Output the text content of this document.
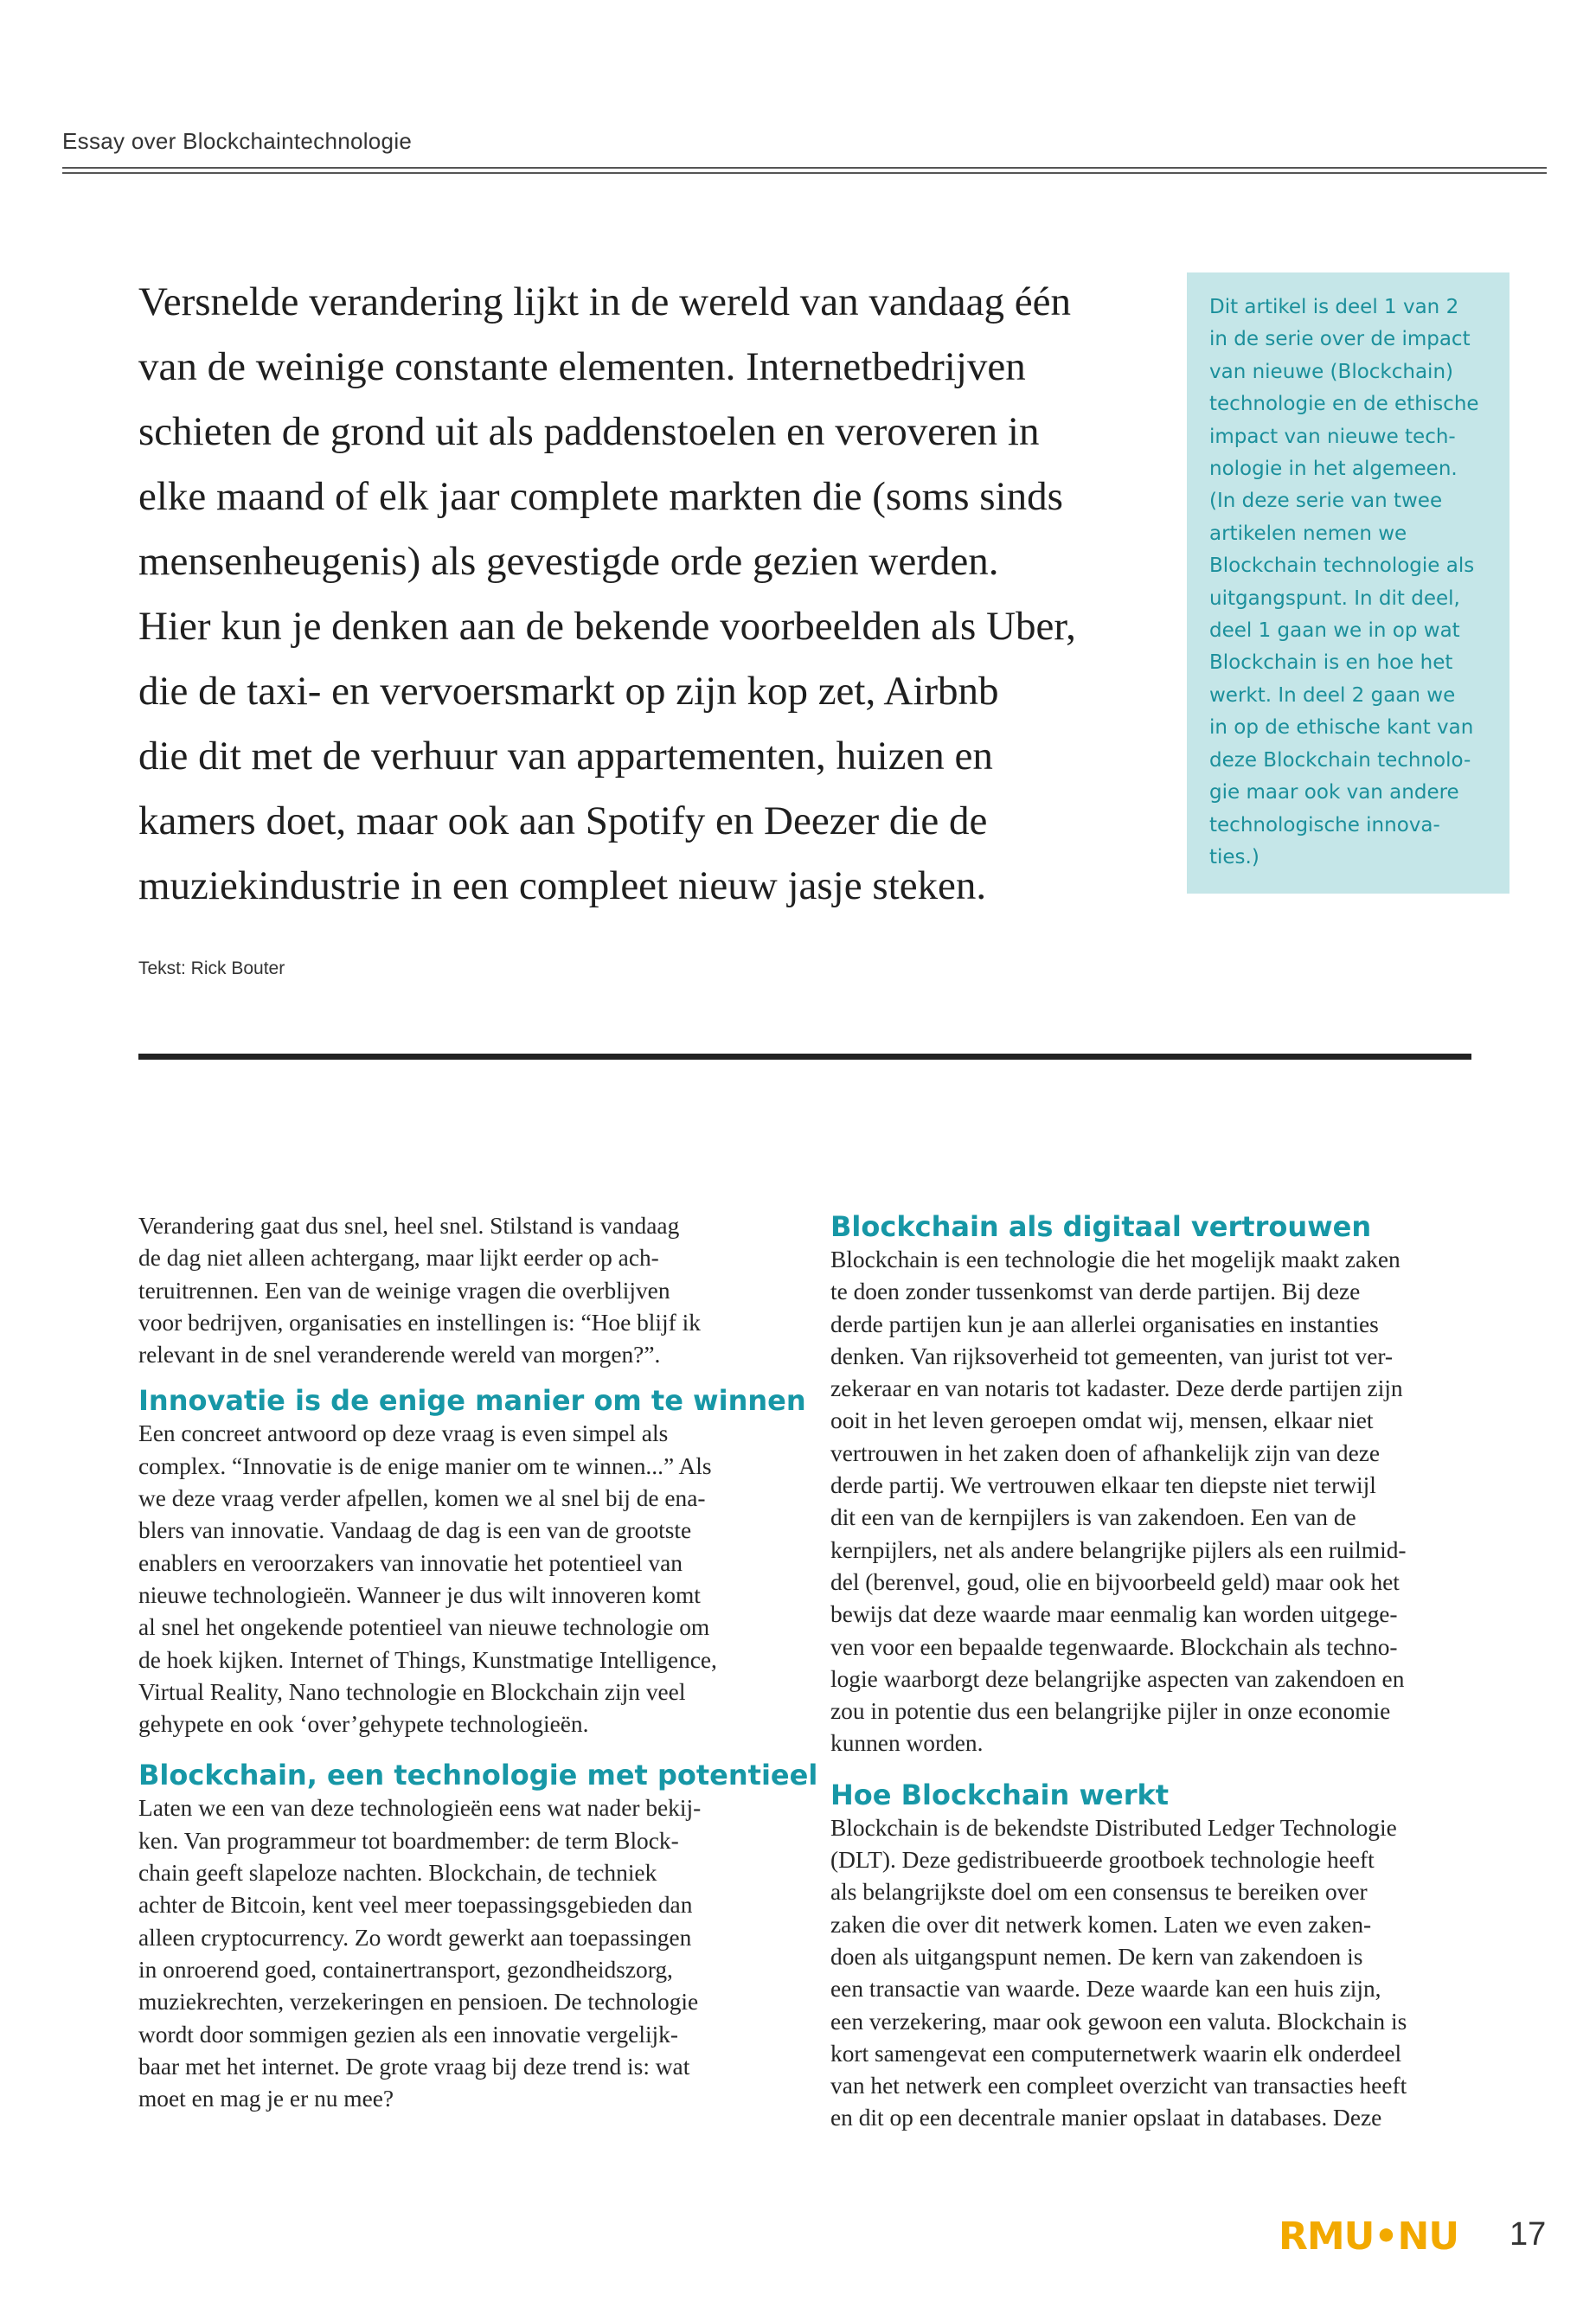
Essay over Blockchaintechnologie
Versnelde verandering lijkt in de wereld van vandaag één
van de weinige constante elementen. Internetbedrijven
schieten de grond uit als paddenstoelen en veroveren in
elke maand of elk jaar complete markten die (soms sinds
mensenheugenis) als gevestigde orde gezien werden.
Hier kun je denken aan de bekende voorbeelden als Uber,
die de taxi- en vervoersmarkt op zijn kop zet, Airbnb
die dit met de verhuur van appartementen, huizen en
kamers doet, maar ook aan Spotify en Deezer die de
muziekindustrie in een compleet nieuw jasje steken.
Dit artikel is deel 1 van 2
in de serie over de impact
van nieuwe (Blockchain)
technologie en de ethische
impact van nieuwe tech-
nologie in het algemeen.
(In deze serie van twee
artikelen nemen we
Blockchain technologie als
uitgangspunt. In dit deel,
deel 1 gaan we in op wat
Blockchain is en hoe het
werkt. In deel 2 gaan we
in op de ethische kant van
deze Blockchain technolo-
gie maar ook van andere
technologische innova-
ties.)
Tekst: Rick Bouter
Verandering gaat dus snel, heel snel. Stilstand is vandaag
de dag niet alleen achtergang, maar lijkt eerder op ach-
teruitrennen. Een van de weinige vragen die overblijven
voor bedrijven, organisaties en instellingen is: “Hoe blijf ik
relevant in de snel veranderende wereld van morgen?”.
Innovatie is de enige manier om te winnen
Een concreet antwoord op deze vraag is even simpel als
complex. “Innovatie is de enige manier om te winnen...” Als
we deze vraag verder afpellen, komen we al snel bij de ena-
blers van innovatie. Vandaag de dag is een van de grootste
enablers en veroorzakers van innovatie het potentieel van
nieuwe technologieën. Wanneer je dus wilt innoveren komt
al snel het ongekende potentieel van nieuwe technologie om
de hoek kijken. Internet of Things, Kunstmatige Intelligence,
Virtual Reality, Nano technologie en Blockchain zijn veel
gehypete en ook ‘over’gehypete technologieën.
Blockchain, een technologie met potentieel
Laten we een van deze technologieën eens wat nader bekij-
ken. Van programmeur tot boardmember: de term Block-
chain geeft slapeloze nachten. Blockchain, de techniek
achter de Bitcoin, kent veel meer toepassingsgebieden dan
alleen cryptocurrency. Zo wordt gewerkt aan toepassingen
in onroerend goed, containertransport, gezondheidszorg,
muziekrechten, verzekeringen en pensioen. De technologie
wordt door sommigen gezien als een innovatie vergelijk-
baar met het internet. De grote vraag bij deze trend is: wat
moet en mag je er nu mee?
Blockchain als digitaal vertrouwen
Blockchain is een technologie die het mogelijk maakt zaken
te doen zonder tussenkomst van derde partijen. Bij deze
derde partijen kun je aan allerlei organisaties en instanties
denken. Van rijksoverheid tot gemeenten, van jurist tot ver-
zekeraar en van notaris tot kadaster. Deze derde partijen zijn
ooit in het leven geroepen omdat wij, mensen, elkaar niet
vertrouwen in het zaken doen of afhankelijk zijn van deze
derde partij. We vertrouwen elkaar ten diepste niet terwijl
dit een van de kernpijlers is van zakendoen. Een van de
kernpijlers, net als andere belangrijke pijlers als een ruilmid-
del (berenvel, goud, olie en bijvoorbeeld geld) maar ook het
bewijs dat deze waarde maar eenmalig kan worden uitgege-
ven voor een bepaalde tegenwaarde. Blockchain als techno-
logie waarborgt deze belangrijke aspecten van zakendoen en
zou in potentie dus een belangrijke pijler in onze economie
kunnen worden.
Hoe Blockchain werkt
Blockchain is de bekendste Distributed Ledger Technologie
(DLT). Deze gedistribueerde grootboek technologie heeft
als belangrijkste doel om een consensus te bereiken over
zaken die over dit netwerk komen. Laten we even zaken-
doen als uitgangspunt nemen. De kern van zakendoen is
een transactie van waarde. Deze waarde kan een huis zijn,
een verzekering, maar ook gewoon een valuta. Blockchain is
kort samengevat een computernetwerk waarin elk onderdeel
van het netwerk een compleet overzicht van transacties heeft
en dit op een decentrale manier opslaat in databases. Deze
RMU•NU 17
